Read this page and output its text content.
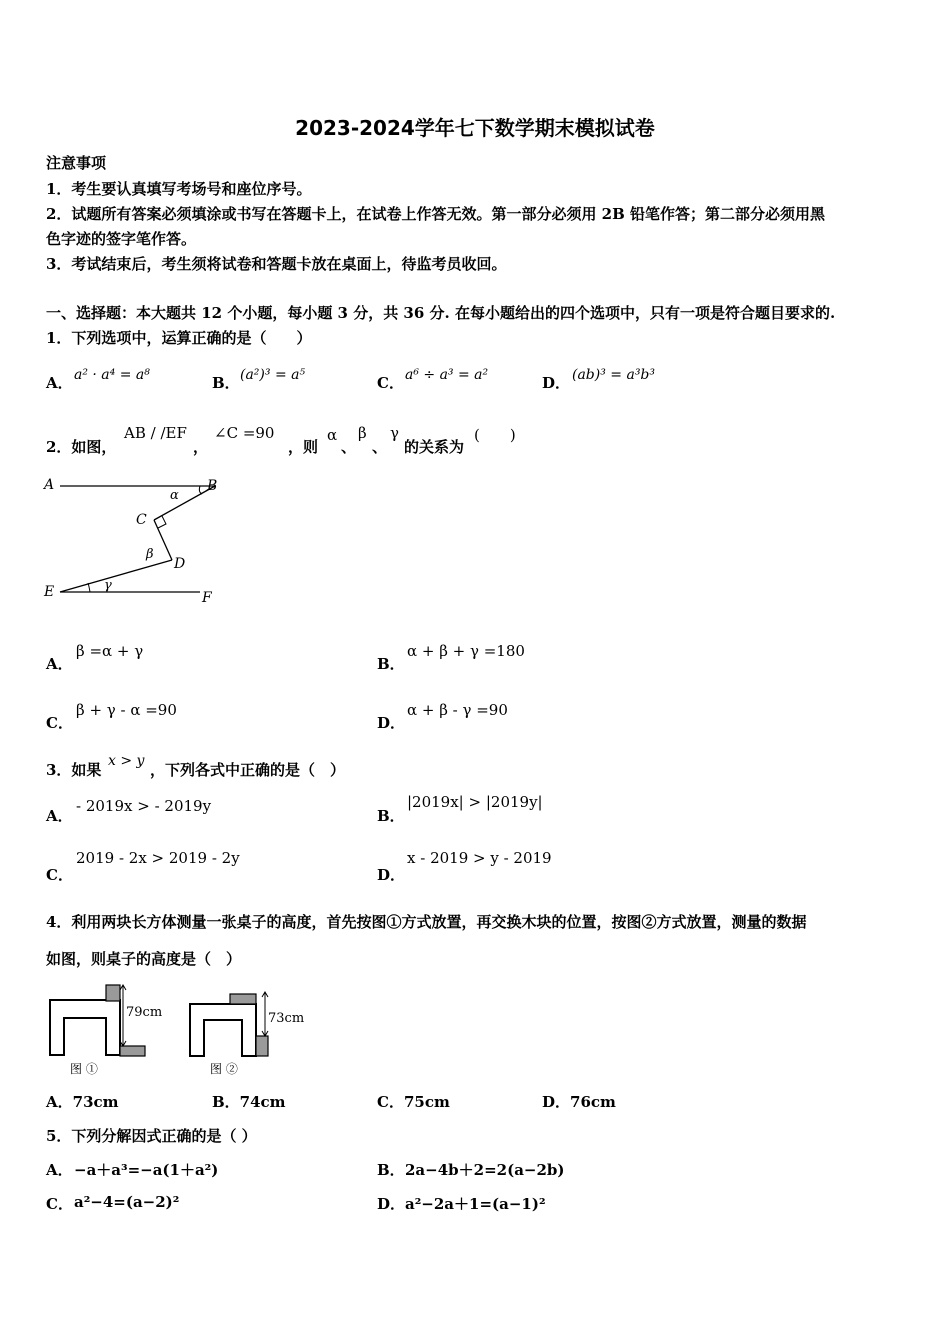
2023-2024学年七下数学期末模拟试卷
注意事项
1．考生要认真填写考场号和座位序号。
2．试题所有答案必须填涂或书写在答题卡上，在试卷上作答无效。第一部分必须用 2B 铅笔作答；第二部分必须用黑
色字迹的签字笔作答。
3．考试结束后，考生须将试卷和答题卡放在桌面上，待监考员收回。
一、选择题：本大题共 12 个小题，每小题 3 分，共 36 分. 在每小题给出的四个选项中，只有一项是符合题目要求的.
1．下列选项中，运算正确的是（　　）
A． a² · a⁴ = a⁸	B． (a²)³ = a⁵	C． a⁶ ÷ a³ = a²	D． (ab)³ = a³b³
2．如图，
AB / /EF
，
∠C =90
，则
α
、
β
、
γ
的关系为
(　　)
A	B
C
D
E	F
α
β
γ
A．
β =α + γ
B．
α + β + γ =180
C．
β + γ - α =90
D．
α + β - γ =90
3．如果 x > y ，下列各式中正确的是（　）
A．
- 2019x > - 2019y
B．
|2019x| > |2019y|
C．
2019 - 2x > 2019 - 2y
D．
x - 2019 > y - 2019
4．利用两块长方体测量一张桌子的高度，首先按图①方式放置，再交换木块的位置，按图②方式放置，测量的数据
如图，则桌子的高度是（　）
79cm
图 ①
73cm
图 ②
A．73cm	B．74cm	C．75cm	D．76cm
5．下列分解因式正确的是（ ）
A． −a＋a³=−a(1＋a²)	B． 2a−4b＋2=2(a−2b)
C． a²−4=(a−2)²	D． a²−2a＋1=(a−1)²
